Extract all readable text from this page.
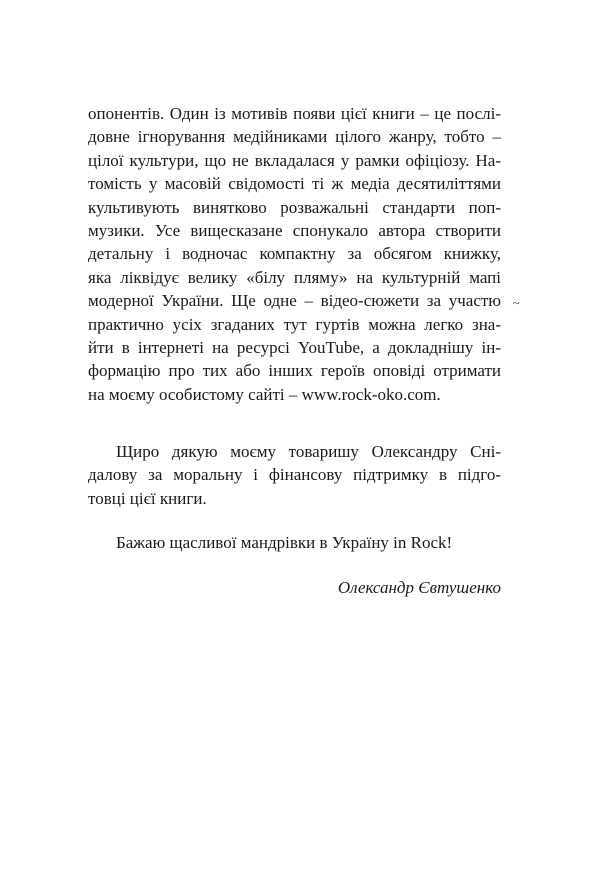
опонентів. Один із мотивів появи цієї книги – це послі-
довне ігнорування медійниками цілого жанру, тобто –
цілої культури, що не вкладалася у рамки офіціозу. На-
томість у масовій свідомості ті ж медіа десятиліттями
культивують винятково розважальні стандарти поп-
музики. Усе вищесказане спонукало автора створити
детальну і водночас компактну за обсягом книжку,
яка ліквідує велику «білу пляму» на культурній мапі
модерної України. Ще одне – відео-сюжети за участю
практично усіх згаданих тут гуртів можна легко зна-
йти в інтернеті на ресурсі YouTube, а докладнішу ін-
формацію про тих або інших героїв оповіді отримати
на моєму особистому сайті – www.rock-oko.com.
Щиро дякую моєму товаришу Олександру Сні-
далову за моральну і фінансову підтримку в підго-
товці цієї книги.
Бажаю щасливої мандрівки в Україну in Rock!

Олександр Євтушенко

~
